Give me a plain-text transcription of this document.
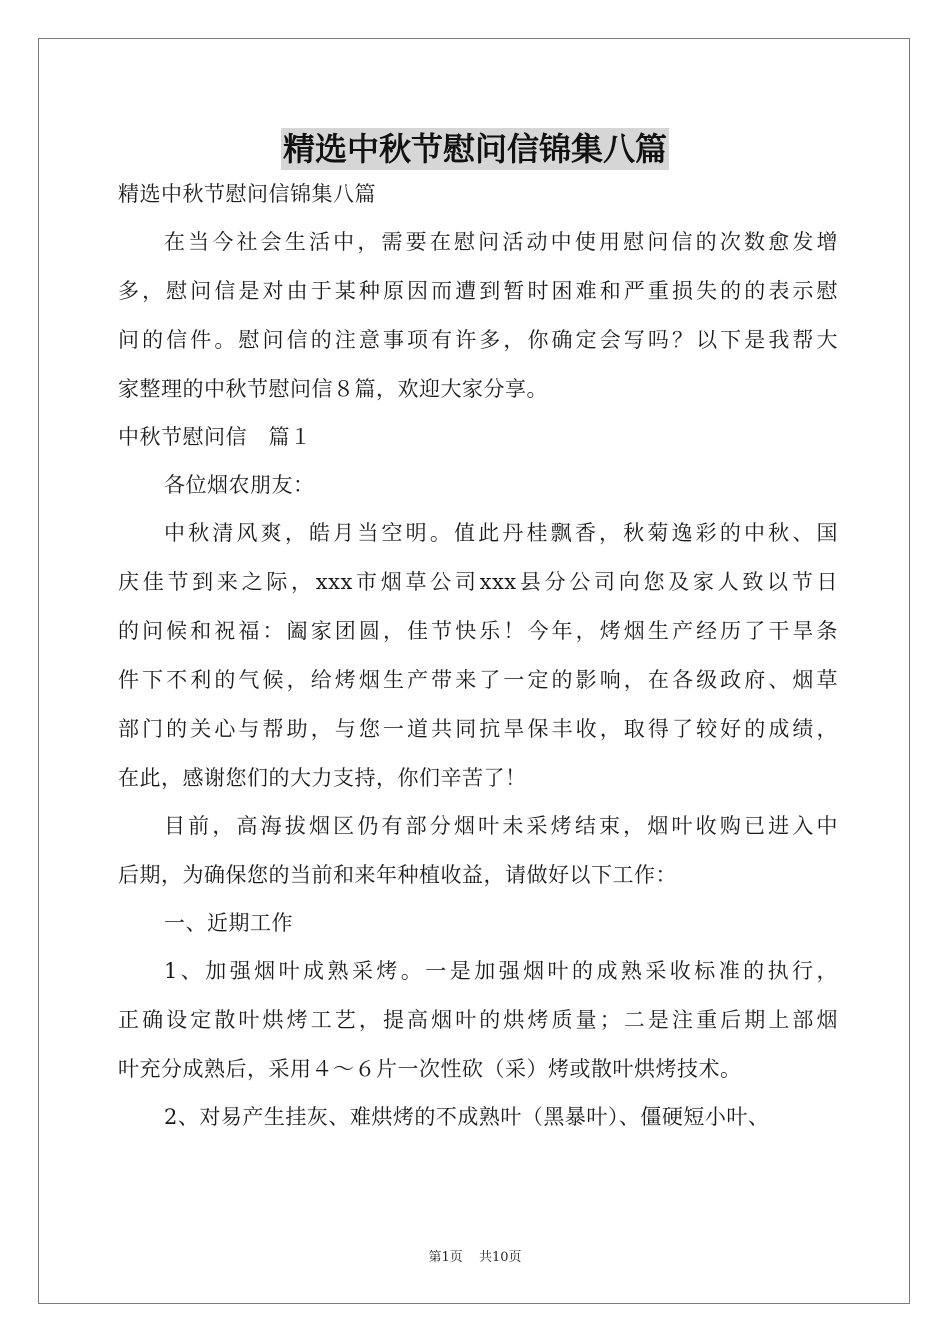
精选中秋节慰问信锦集八篇

精选中秋节慰问信锦集八篇

在当今社会生活中，需要在慰问活动中使用慰问信的次数愈发增

多，慰问信是对由于某种原因而遭到暂时困难和严重损失的的表示慰

问的信件。慰问信的注意事项有许多，你确定会写吗？以下是我帮大

家整理的中秋节慰问信８篇，欢迎大家分享。

中秋节慰问信　篇１

各位烟农朋友：

中秋清风爽，皓月当空明。值此丹桂飘香，秋菊逸彩的中秋、国

庆佳节到来之际，xxx市烟草公司xxx县分公司向您及家人致以节日

的问候和祝福：阖家团圆，佳节快乐！今年，烤烟生产经历了干旱条

件下不利的气候，给烤烟生产带来了一定的影响，在各级政府、烟草

部门的关心与帮助，与您一道共同抗旱保丰收，取得了较好的成绩，

在此，感谢您们的大力支持，你们辛苦了！

目前，高海拔烟区仍有部分烟叶未采烤结束，烟叶收购已进入中

后期，为确保您的当前和来年种植收益，请做好以下工作：

一、近期工作

1、加强烟叶成熟采烤。一是加强烟叶的成熟采收标准的执行，

正确设定散叶烘烤工艺，提高烟叶的烘烤质量；二是注重后期上部烟

叶充分成熟后，采用４～６片一次性砍（采）烤或散叶烘烤技术。

2、对易产生挂灰、难烘烤的不成熟叶（黑暴叶）、僵硬短小叶、

第1页 共10页
